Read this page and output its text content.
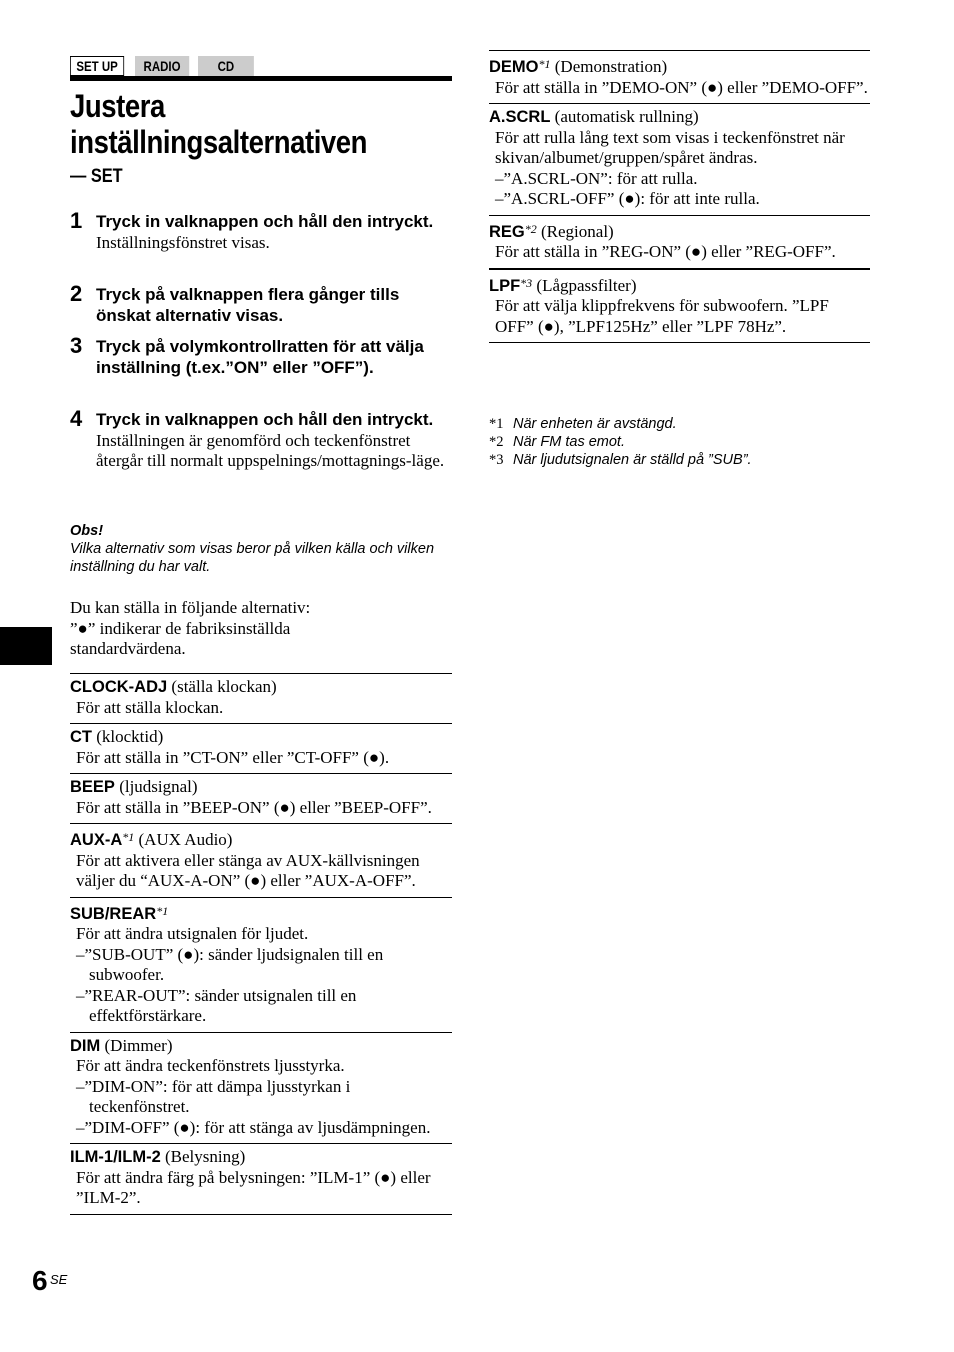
SET UP	RADIO	CD
Justera
inställningsalternativen
— SET
1 Tryck in valknappen och håll den intryckt.
Inställningsfönstret visas.
2 Tryck på valknappen flera gånger tills önskat alternativ visas.
3 Tryck på volymkontrollratten för att välja inställning (t.ex.”ON” eller ”OFF”).
4 Tryck in valknappen och håll den intryckt.
Inställningen är genomförd och teckenfönstret återgår till normalt uppspelnings/mottagnings-läge.
Obs!
Vilka alternativ som visas beror på vilken källa och vilken inställning du har valt.
Du kan ställa in följande alternativ:
”●” indikerar de fabriksinställda standardvärdena.
CLOCK-ADJ (ställa klockan)
För att ställa klockan.
CT (klocktid)
För att ställa in ”CT-ON” eller ”CT-OFF” (●).
BEEP (ljudsignal)
För att ställa in ”BEEP-ON” (●) eller ”BEEP-OFF”.
AUX-$A^{*1}$ (AUX Audio)
För att aktivera eller stänga av AUX-källvisningen väljer du “AUX-A-ON” (●) eller ”AUX-A-OFF”.
SUB/REAR$^{*1}$
För att ändra utsignalen för ljudet.
–”SUB-OUT” (●): sänder ljudsignalen till en subwoofer.
–”REAR-OUT”: sänder utsignalen till en effektförstärkare.
DIM (Dimmer)
För att ändra teckenfönstrets ljusstyrka.
–”DIM-ON”: för att dämpa ljusstyrkan i teckenfönstret.
–”DIM-OFF” (●): för att stänga av ljusdämpningen.
ILM-1/ILM-2 (Belysning)
För att ändra färg på belysningen: ”ILM-1” (●) eller ”ILM-2”.
DEMO$^{*1}$ (Demonstration)
För att ställa in ”DEMO-ON” (●) eller ”DEMO-OFF”.
A.SCRL (automatisk rullning)
För att rulla lång text som visas i teckenfönstret när skivan/albumet/gruppen/spåret ändras.
–”A.SCRL-ON”: för att rulla.
–”A.SCRL-OFF” (●): för att inte rulla.
REG$^{*2}$ (Regional)
För att ställa in ”REG-ON” (●) eller ”REG-OFF”.
LPF$^{*3}$ (Lågpassfilter)
För att välja klippfrekvens för subwoofern. ”LPF OFF” (●), ”LPF125Hz” eller ”LPF 78Hz”.
*1 När enheten är avstängd.
*2 När FM tas emot.
*3 När ljudutsignalen är ställd på ”SUB”.
6 SE
